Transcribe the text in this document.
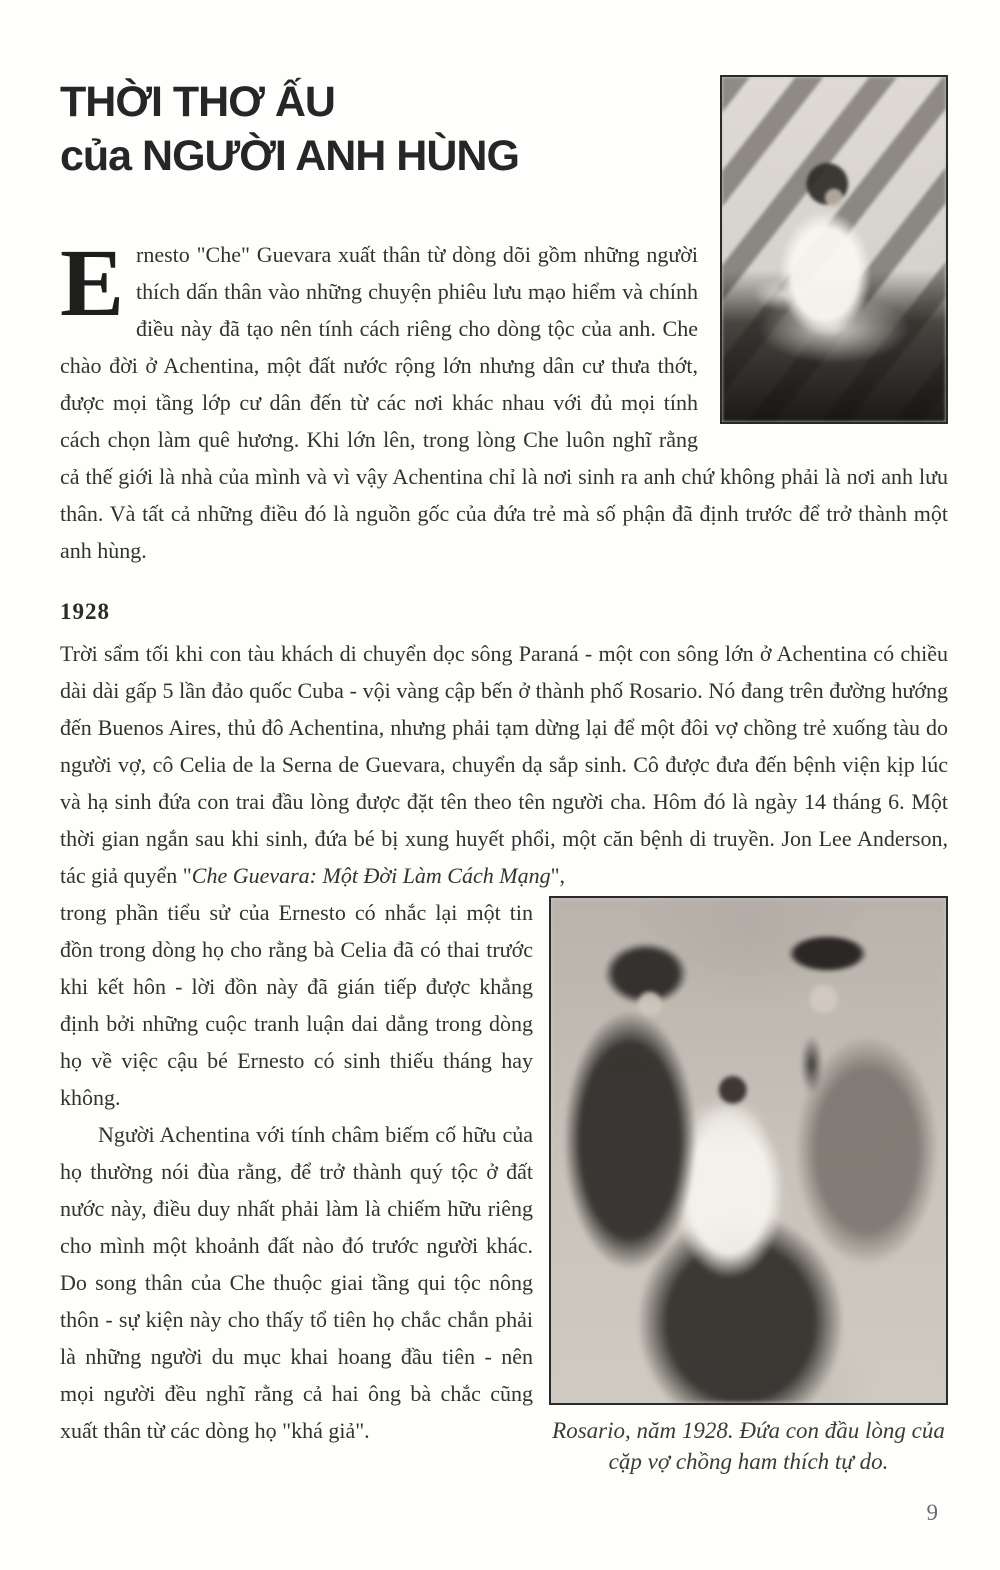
THỜI THƠ ẤU
của NGƯỜI ANH HÙNG

Ernesto "Che" Guevara xuất thân từ dòng dõi gồm những người thích dấn thân vào những chuyện phiêu lưu mạo hiểm và chính điều này đã tạo nên tính cách riêng cho dòng tộc của anh. Che chào đời ở Achentina, một đất nước rộng lớn nhưng dân cư thưa thớt, được mọi tầng lớp cư dân đến từ các nơi khác nhau với đủ mọi tính cách chọn làm quê hương. Khi lớn lên, trong lòng Che luôn nghĩ rằng cả thế giới là nhà của mình và vì vậy Achentina chỉ là nơi sinh ra anh chứ không phải là nơi anh lưu thân. Và tất cả những điều đó là nguồn gốc của đứa trẻ mà số phận đã định trước để trở thành một anh hùng.

1928

Trời sẩm tối khi con tàu khách di chuyển dọc sông Paraná - một con sông lớn ở Achentina có chiều dài dài gấp 5 lần đảo quốc Cuba - vội vàng cập bến ở thành phố Rosario. Nó đang trên đường hướng đến Buenos Aires, thủ đô Achentina, nhưng phải tạm dừng lại để một đôi vợ chồng trẻ xuống tàu do người vợ, cô Celia de la Serna de Guevara, chuyển dạ sắp sinh. Cô được đưa đến bệnh viện kịp lúc và hạ sinh đứa con trai đầu lòng được đặt tên theo tên người cha. Hôm đó là ngày 14 tháng 6. Một thời gian ngắn sau khi sinh, đứa bé bị xung huyết phổi, một căn bệnh di truyền. Jon Lee Anderson, tác giả quyển "Che Guevara: Một Đời Làm Cách Mạng",

Rosario, năm 1928. Đứa con đầu lòng của cặp vợ chồng ham thích tự do.

trong phần tiểu sử của Ernesto có nhắc lại một tin đồn trong dòng họ cho rằng bà Celia đã có thai trước khi kết hôn - lời đồn này đã gián tiếp được khẳng định bởi những cuộc tranh luận dai dẳng trong dòng họ về việc cậu bé Ernesto có sinh thiếu tháng hay không.

Người Achentina với tính châm biếm cố hữu của họ thường nói đùa rằng, để trở thành quý tộc ở đất nước này, điều duy nhất phải làm là chiếm hữu riêng cho mình một khoảnh đất nào đó trước người khác. Do song thân của Che thuộc giai tầng qui tộc nông thôn - sự kiện này cho thấy tổ tiên họ chắc chắn phải là những người du mục khai hoang đầu tiên - nên mọi người đều nghĩ rằng cả hai ông bà chắc cũng xuất thân từ các dòng họ "khá giả".

9
